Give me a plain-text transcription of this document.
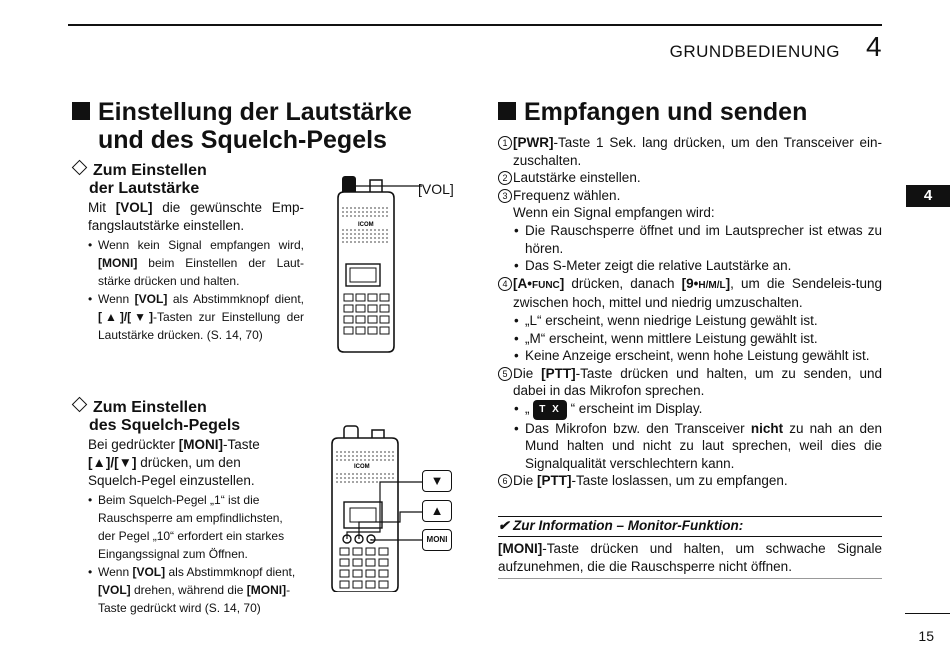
GRUNDBEDIENUNG 4
4
Einstellung der Lautstärke
und des Squelch-Pegels
Zum Einstellen
der Lautstärke
Mit [VOL] die gewünschte Emp-fangslautstärke einstellen.
• Wenn kein Signal empfangen wird, [MONI] beim Einstellen der Laut-stärke drücken und halten.
• Wenn [VOL] als Abstimmknopf dient, [▲]/[▼]-Tasten zur Einstellung der Lautstärke drücken. (S. 14, 70)
ICOM
[VOL]
Zum Einstellen
des Squelch-Pegels
Bei gedrückter [MONI]-Taste [▲]/[▼] drücken, um den Squelch-Pegel einzustellen.
• Beim Squelch-Pegel „1“ ist die Rauschsperre am empfindlichsten, der Pegel „10“ erfordert ein starkes Eingangssignal zum Öffnen.
• Wenn [VOL] als Abstimmknopf dient, [VOL] drehen, während die [MONI]-Taste gedrückt wird (S. 14, 70)
ICOM
▼
▲
MONI
Empfangen und senden
1 [PWR]-Taste 1 Sek. lang drücken, um den Transceiver ein-zuschalten.
2 Lautstärke einstellen.
3 Frequenz wählen.
Wenn ein Signal empfangen wird:
• Die Rauschsperre öffnet und im Lautsprecher ist etwas zu hören.
• Das S-Meter zeigt die relative Lautstärke an.
4 [A•FUNC] drücken, danach [9•H/M/L], um die Sendeleis-tung zwischen hoch, mittel und niedrig umzuschalten.
• „L“ erscheint, wenn niedrige Leistung gewählt ist.
• „M“ erscheint, wenn mittlere Leistung gewählt ist.
• Keine Anzeige erscheint, wenn hohe Leistung gewählt ist.
5 Die [PTT]-Taste drücken und halten, um zu senden, und dabei in das Mikrofon sprechen.
• „ T X “ erscheint im Display.
• Das Mikrofon bzw. den Transceiver nicht zu nah an den Mund halten und nicht zu laut sprechen, weil dies die Signalqualität verschlechtern kann.
6 Die [PTT]-Taste loslassen, um zu empfangen.
✔ Zur Information – Monitor-Funktion:
[MONI]-Taste drücken und halten, um schwache Signale aufzunehmen, die die Rauschsperre nicht öffnen.
15
